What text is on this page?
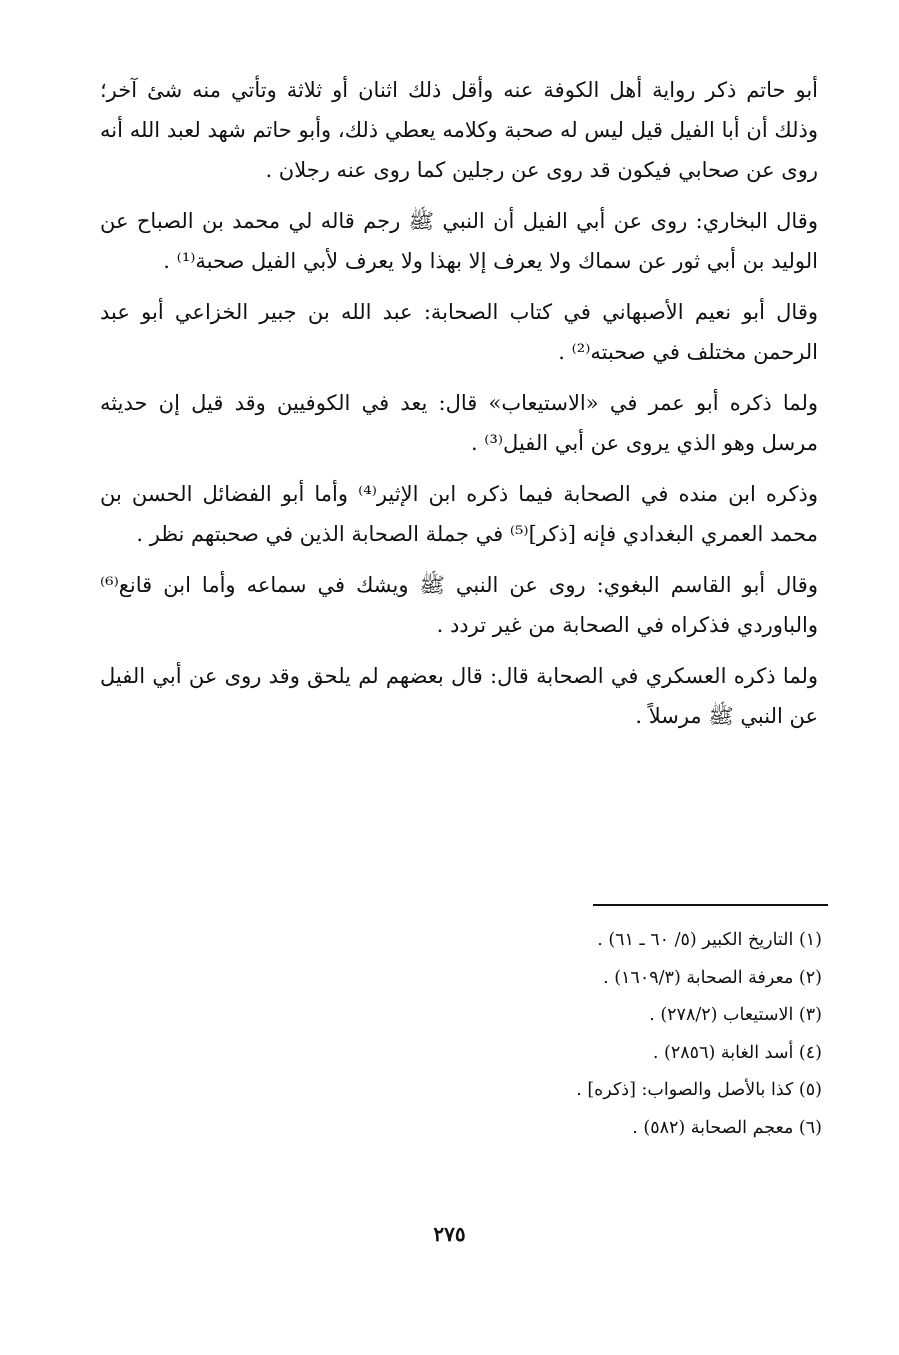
أبو حاتم ذكر رواية أهل الكوفة عنه وأقل ذلك اثنان أو ثلاثة وتأتي منه شئ آخر؛ وذلك أن أبا الفيل قيل ليس له صحبة وكلامه يعطي ذلك، وأبو حاتم شهد لعبد الله أنه روى عن صحابي فيكون قد روى عن رجلين كما روى عنه رجلان .

وقال البخاري: روى عن أبي الفيل أن النبي ﷺ رجم قاله لي محمد بن الصباح عن الوليد بن أبي ثور عن سماك ولا يعرف إلا بهذا ولا يعرف لأبي الفيل صحبة⁽¹⁾ .

وقال أبو نعيم الأصبهاني في كتاب الصحابة: عبد الله بن جبير الخزاعي أبو عبد الرحمن مختلف في صحبته⁽²⁾ .

ولما ذكره أبو عمر في «الاستيعاب» قال: يعد في الكوفيين وقد قيل إن حديثه مرسل وهو الذي يروى عن أبي الفيل⁽³⁾ .

وذكره ابن منده في الصحابة فيما ذكره ابن الإثير⁽⁴⁾ وأما أبو الفضائل الحسن بن محمد العمري البغدادي فإنه [ذكر]⁽⁵⁾ في جملة الصحابة الذين في صحبتهم نظر .

وقال أبو القاسم البغوي: روى عن النبي ﷺ ويشك في سماعه وأما ابن قانع⁽⁶⁾ والباوردي فذكراه في الصحابة من غير تردد .

ولما ذكره العسكري في الصحابة قال: قال بعضهم لم يلحق وقد روى عن أبي الفيل عن النبي ﷺ مرسلاً .

(١) التاريخ الكبير (٥/ ٦٠ ـ ٦١) .

(٢) معرفة الصحابة (١٦٠٩/٣) .

(٣) الاستيعاب (٢٧٨/٢) .

(٤) أسد الغابة (٢٨٥٦) .

(٥) كذا بالأصل والصواب: [ذكره] .

(٦) معجم الصحابة (٥٨٢) .

٢٧٥
